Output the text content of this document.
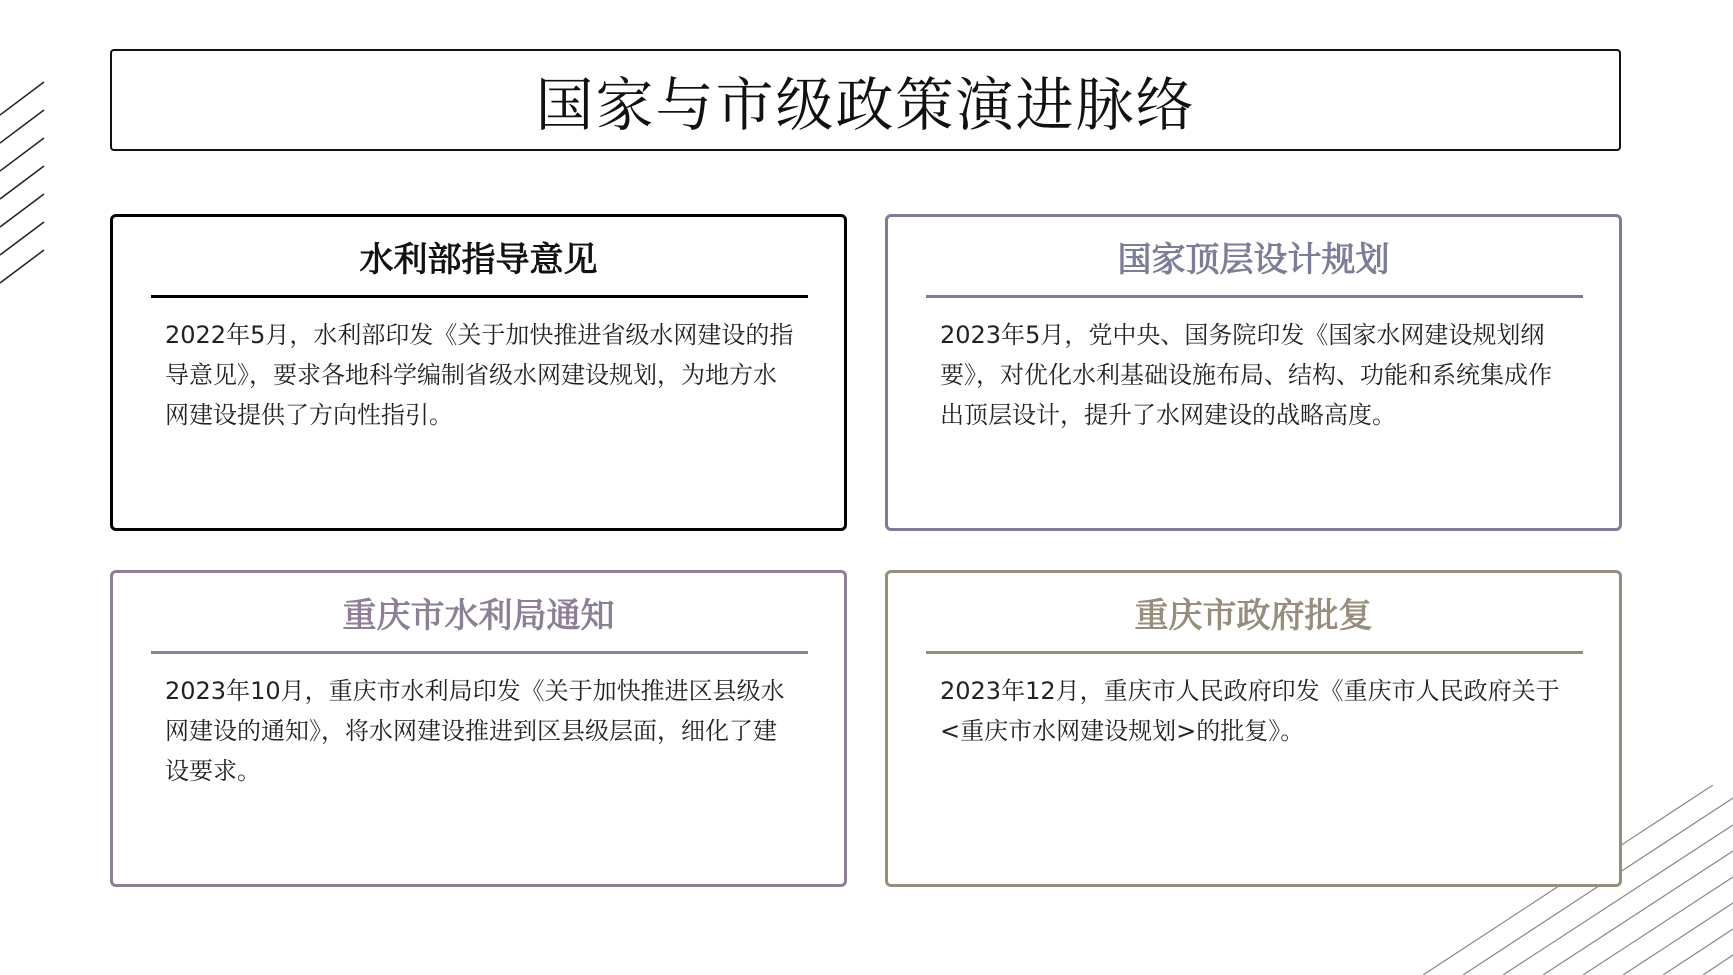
国家与市级政策演进脉络
水利部指导意见
2022年5月，水利部印发《关于加快推进省级水网建设的指导意见》，要求各地科学编制省级水网建设规划，为地方水网建设提供了方向性指引。
国家顶层设计规划
2023年5月，党中央、国务院印发《国家水网建设规划纲要》，对优化水利基础设施布局、结构、功能和系统集成作出顶层设计，提升了水网建设的战略高度。
重庆市水利局通知
2023年10月，重庆市水利局印发《关于加快推进区县级水网建设的通知》，将水网建设推进到区县级层面，细化了建设要求。
重庆市政府批复
2023年12月，重庆市人民政府印发《重庆市人民政府关于<重庆市水网建设规划>的批复》。
